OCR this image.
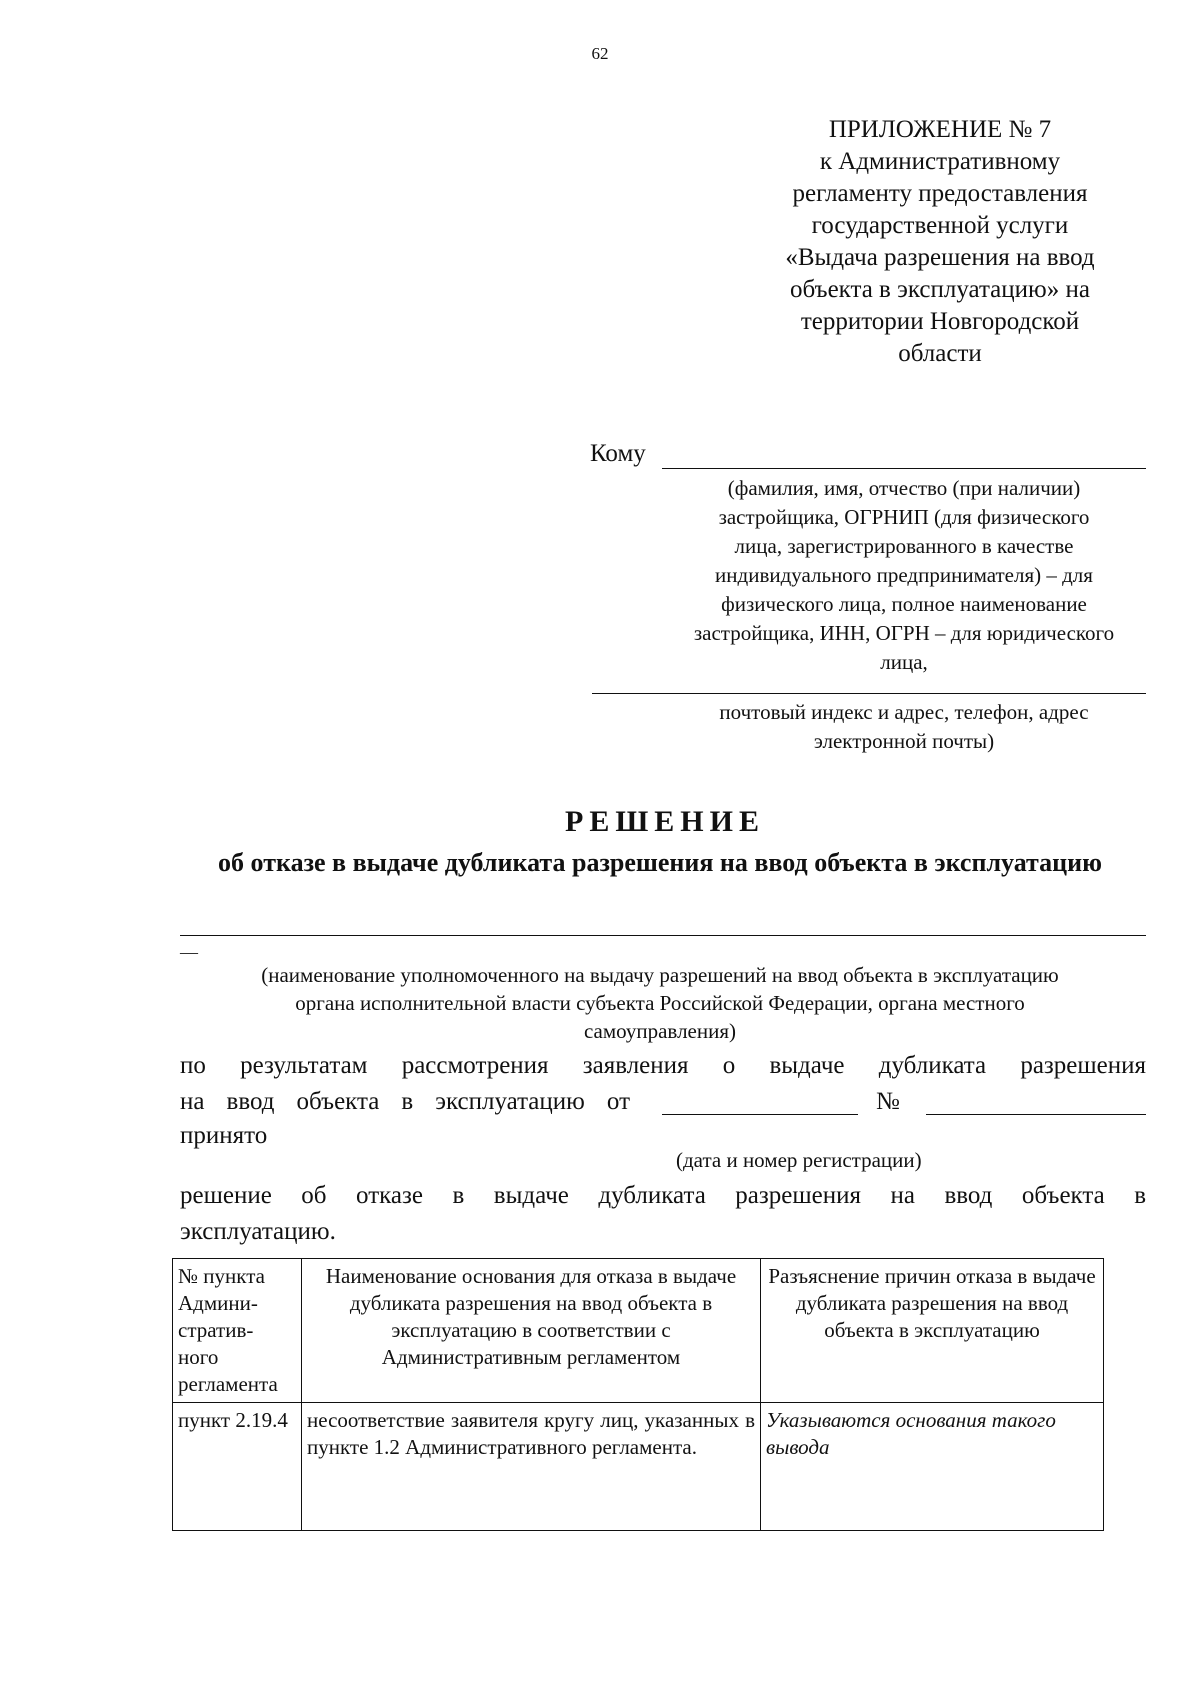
62
ПРИЛОЖЕНИЕ № 7
к Административному
регламенту предоставления
государственной услуги
«Выдача разрешения на ввод
объекта в эксплуатацию» на
территории Новгородской
области
Кому
(фамилия, имя, отчество (при наличии)
застройщика, ОГРНИП (для физического
лица, зарегистрированного в качестве
индивидуального предпринимателя) – для
физического лица, полное наименование
застройщика, ИНН, ОГРН – для юридического
лица,
почтовый индекс и адрес, телефон, адрес
электронной почты)
РЕШЕНИЕ
об отказе в выдаче дубликата разрешения на ввод объекта в эксплуатацию
—
(наименование уполномоченного на выдачу разрешений на ввод объекта в эксплуатацию
органа исполнительной власти субъекта Российской Федерации, органа местного
самоуправления)
по результатам рассмотрения заявления о выдаче дубликата разрешения
на ввод объекта в эксплуатацию от	№
принято
(дата и номер регистрации)
решение об отказе в выдаче дубликата разрешения на ввод объекта в
эксплуатацию.
№ пункта Админи- стратив- ного регламента	Наименование основания для отказа в выдаче дубликата разрешения на ввод объекта в эксплуатацию в соответствии с Административным регламентом	Разъяснение причин отказа в выдаче дубликата разрешения на ввод объекта в эксплуатацию
пункт 2.19.4	несоответствие заявителя кругу лиц, указанных в пункте 1.2 Административного регламента.	Указываются основания такого вывода
